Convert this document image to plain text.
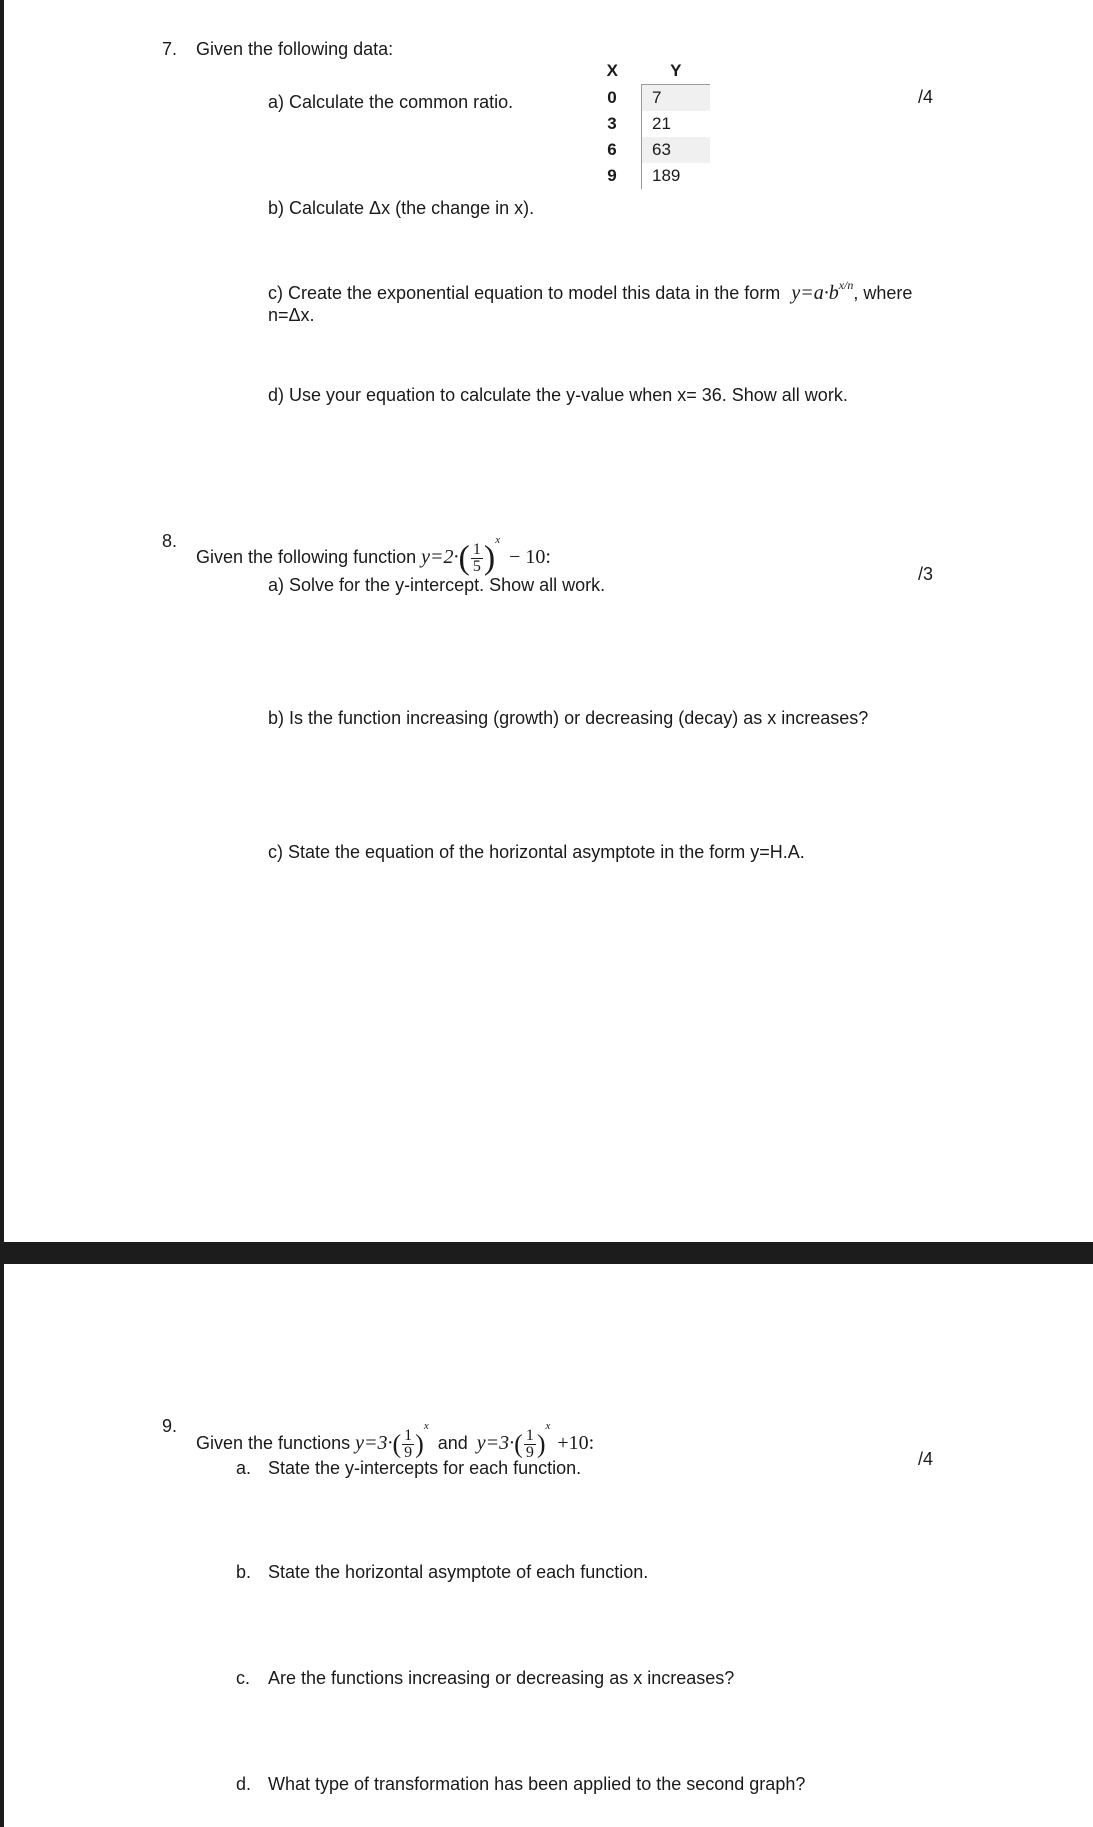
7. Given the following data:
a) Calculate the common ratio.	/4
X	Y
0	7
3	21
6	63
9	189
b) Calculate Δx (the change in x).
c) Create the exponential equation to model this data in the form $y=a\cdot b^{x/n}$, where
n=Δx.
d) Use your equation to calculate the y-value when x= 36. Show all work.
8.
Given the following function $y=2\cdot( \frac{1}{5} )^x - 10$:
/3
a) Solve for the y-intercept. Show all work.
b) Is the function increasing (growth) or decreasing (decay) as x increases?
c) State the equation of the horizontal asymptote in the form y=H.A.
9.
Given the functions $y=3\cdot( \frac{1}{9} )^x$ and $y=3\cdot( \frac{1}{9} )^x +10$:
/4
a. State the y-intercepts for each function.
b. State the horizontal asymptote of each function.
c. Are the functions increasing or decreasing as x increases?
d. What type of transformation has been applied to the second graph?
